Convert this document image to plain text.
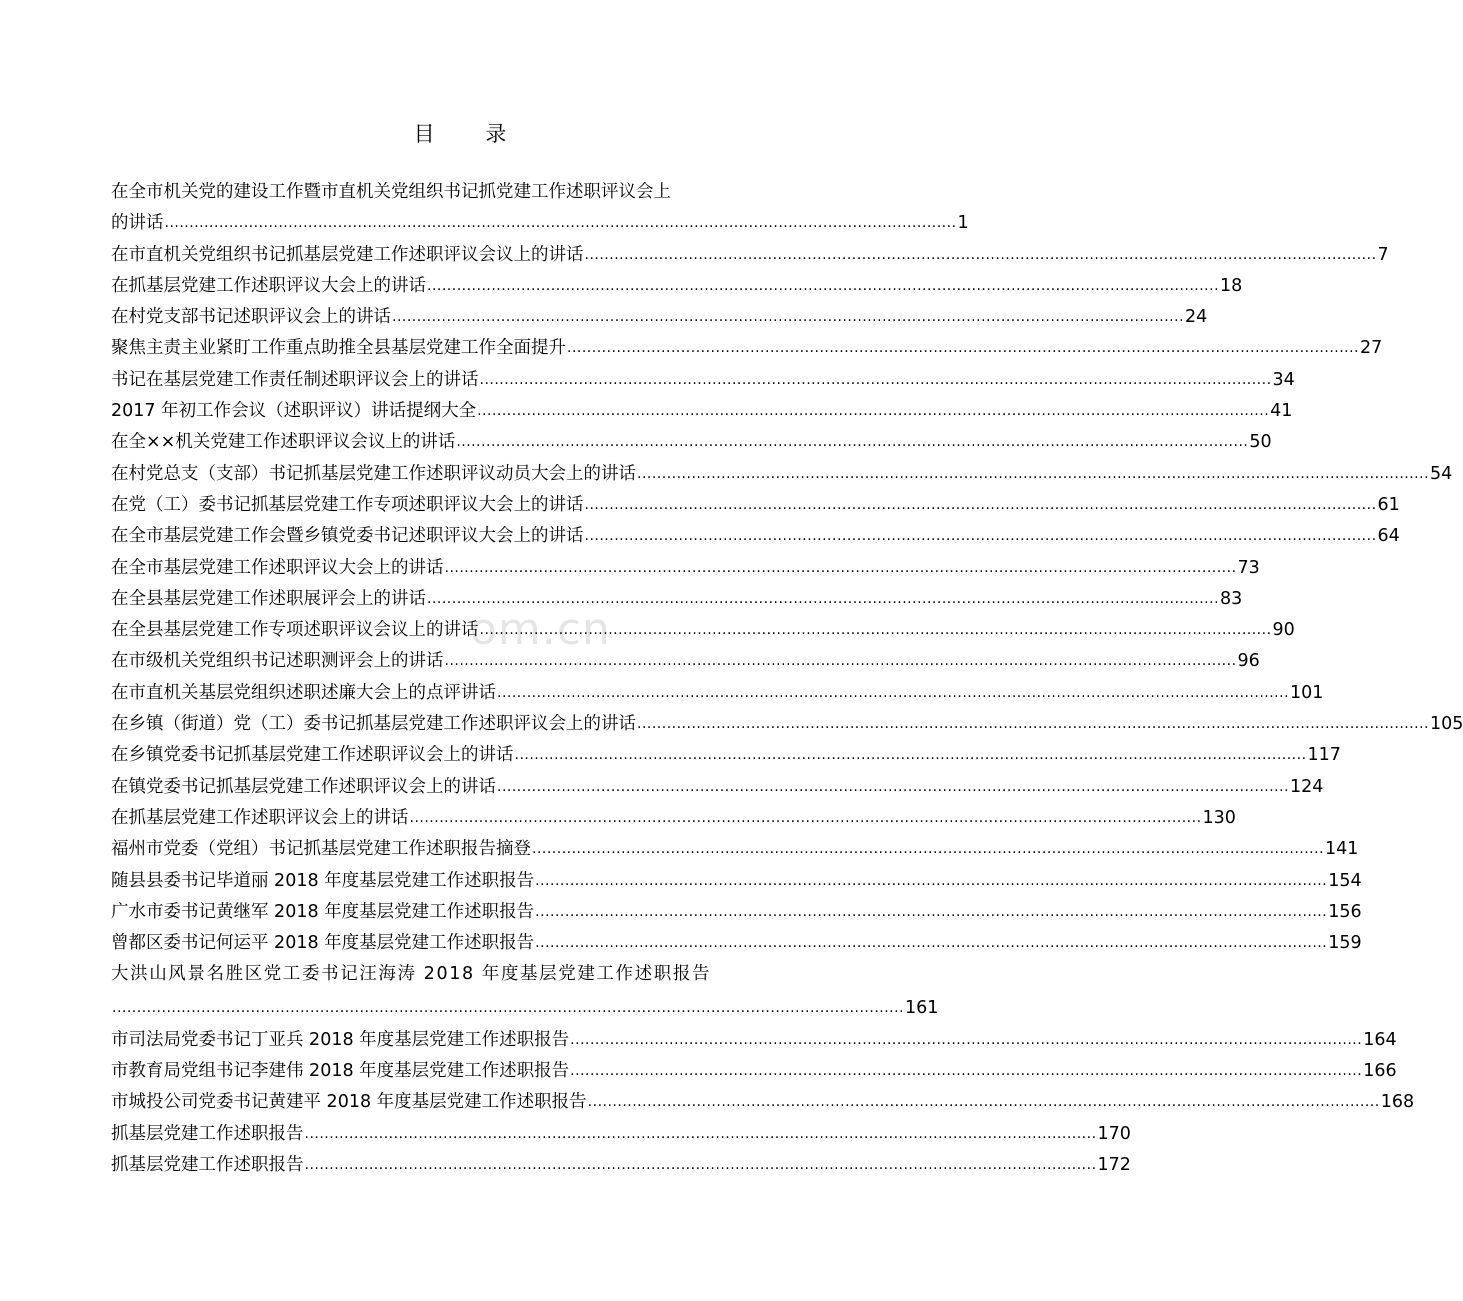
目 录
om.cn
在全市机关党的建设工作暨市直机关党组织书记抓党建工作述职评议会上
的讲话 ................................................................................................................................................................ 1
在市直机关党组织书记抓基层党建工作述职评议会议上的讲话 ................................................................................................................................................................ 7
在抓基层党建工作述职评议大会上的讲话 ................................................................................................................................................................ 18
在村党支部书记述职评议会上的讲话 ................................................................................................................................................................ 24
聚焦主责主业紧盯工作重点助推全县基层党建工作全面提升 ................................................................................................................................................................ 27
书记在基层党建工作责任制述职评议会上的讲话 ................................................................................................................................................................ 34
2017 年初工作会议（述职评议）讲话提纲大全 ................................................................................................................................................................ 41
在全××机关党建工作述职评议会议上的讲话 ................................................................................................................................................................ 50
在村党总支（支部）书记抓基层党建工作述职评议动员大会上的讲话 ................................................................................................................................................................ 54
在党（工）委书记抓基层党建工作专项述职评议大会上的讲话 ................................................................................................................................................................ 61
在全市基层党建工作会暨乡镇党委书记述职评议大会上的讲话 ................................................................................................................................................................ 64
在全市基层党建工作述职评议大会上的讲话 ................................................................................................................................................................ 73
在全县基层党建工作述职展评会上的讲话 ................................................................................................................................................................ 83
在全县基层党建工作专项述职评议会议上的讲话 ................................................................................................................................................................ 90
在市级机关党组织书记述职测评会上的讲话 ................................................................................................................................................................ 96
在市直机关基层党组织述职述廉大会上的点评讲话 ................................................................................................................................................................ 101
在乡镇（街道）党（工）委书记抓基层党建工作述职评议会上的讲话 ................................................................................................................................................................ 105
在乡镇党委书记抓基层党建工作述职评议会上的讲话 ................................................................................................................................................................ 117
在镇党委书记抓基层党建工作述职评议会上的讲话 ................................................................................................................................................................ 124
在抓基层党建工作述职评议会上的讲话 ................................................................................................................................................................ 130
福州市党委（党组）书记抓基层党建工作述职报告摘登 ................................................................................................................................................................ 141
随县县委书记毕道丽 2018 年度基层党建工作述职报告 ................................................................................................................................................................ 154
广水市委书记黄继军 2018 年度基层党建工作述职报告 ................................................................................................................................................................ 156
曾都区委书记何运平 2018 年度基层党建工作述职报告 ................................................................................................................................................................ 159
大洪山风景名胜区党工委书记汪海涛 2018 年度基层党建工作述职报告
................................................................................................................................................................ 161
市司法局党委书记丁亚兵 2018 年度基层党建工作述职报告 ................................................................................................................................................................ 164
市教育局党组书记李建伟 2018 年度基层党建工作述职报告 ................................................................................................................................................................ 166
市城投公司党委书记黄建平 2018 年度基层党建工作述职报告 ................................................................................................................................................................ 168
抓基层党建工作述职报告 ................................................................................................................................................................ 170
抓基层党建工作述职报告 ................................................................................................................................................................ 172
